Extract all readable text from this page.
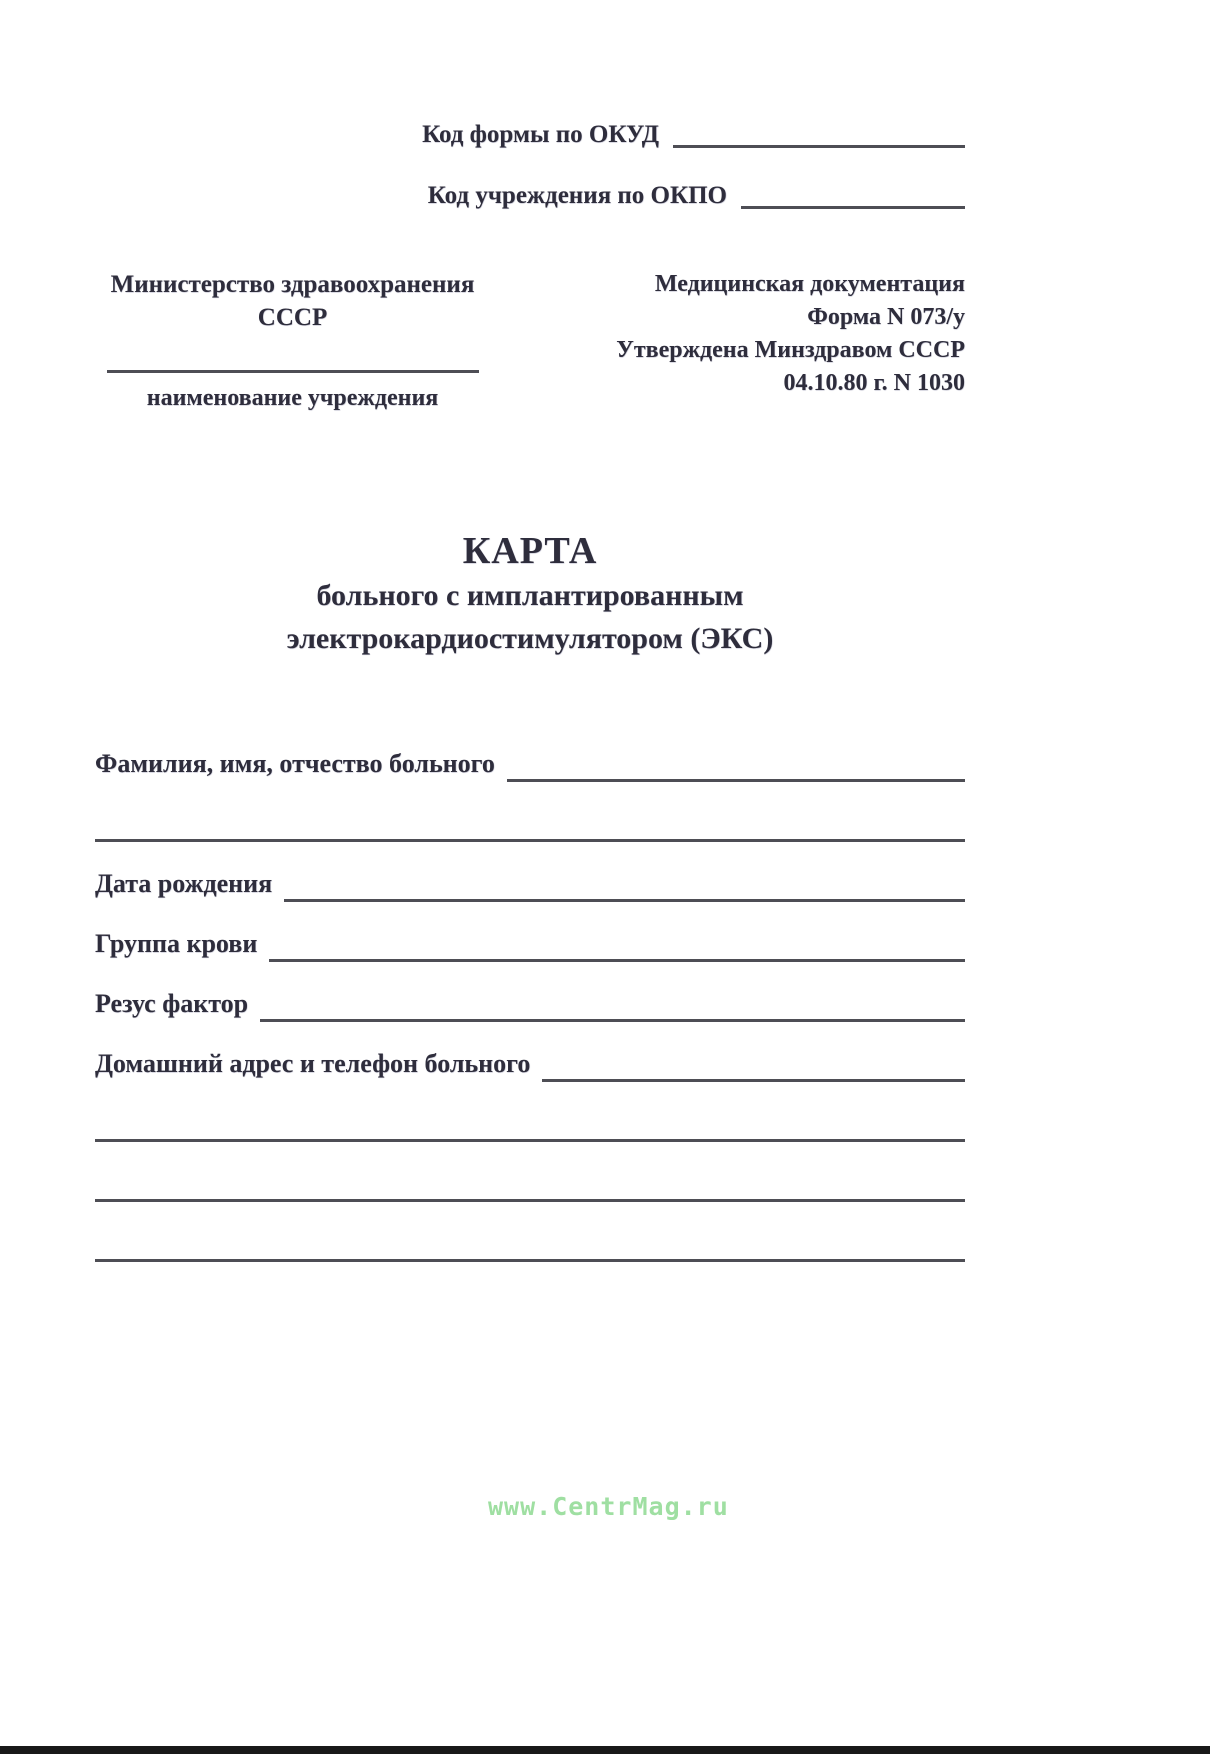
Код формы по ОКУД
Код учреждения по ОКПО
Министерство здравоохранения
СССР
наименование учреждения
Медицинская документация
Форма N 073/у
Утверждена Минздравом СССР
04.10.80 г. N 1030
КАРТА
больного с имплантированным
электрокардиостимулятором (ЭКС)
Фамилия, имя, отчество больного
Дата рождения
Группа крови
Резус фактор
Домашний адрес и телефон больного
www.CentrMag.ru
